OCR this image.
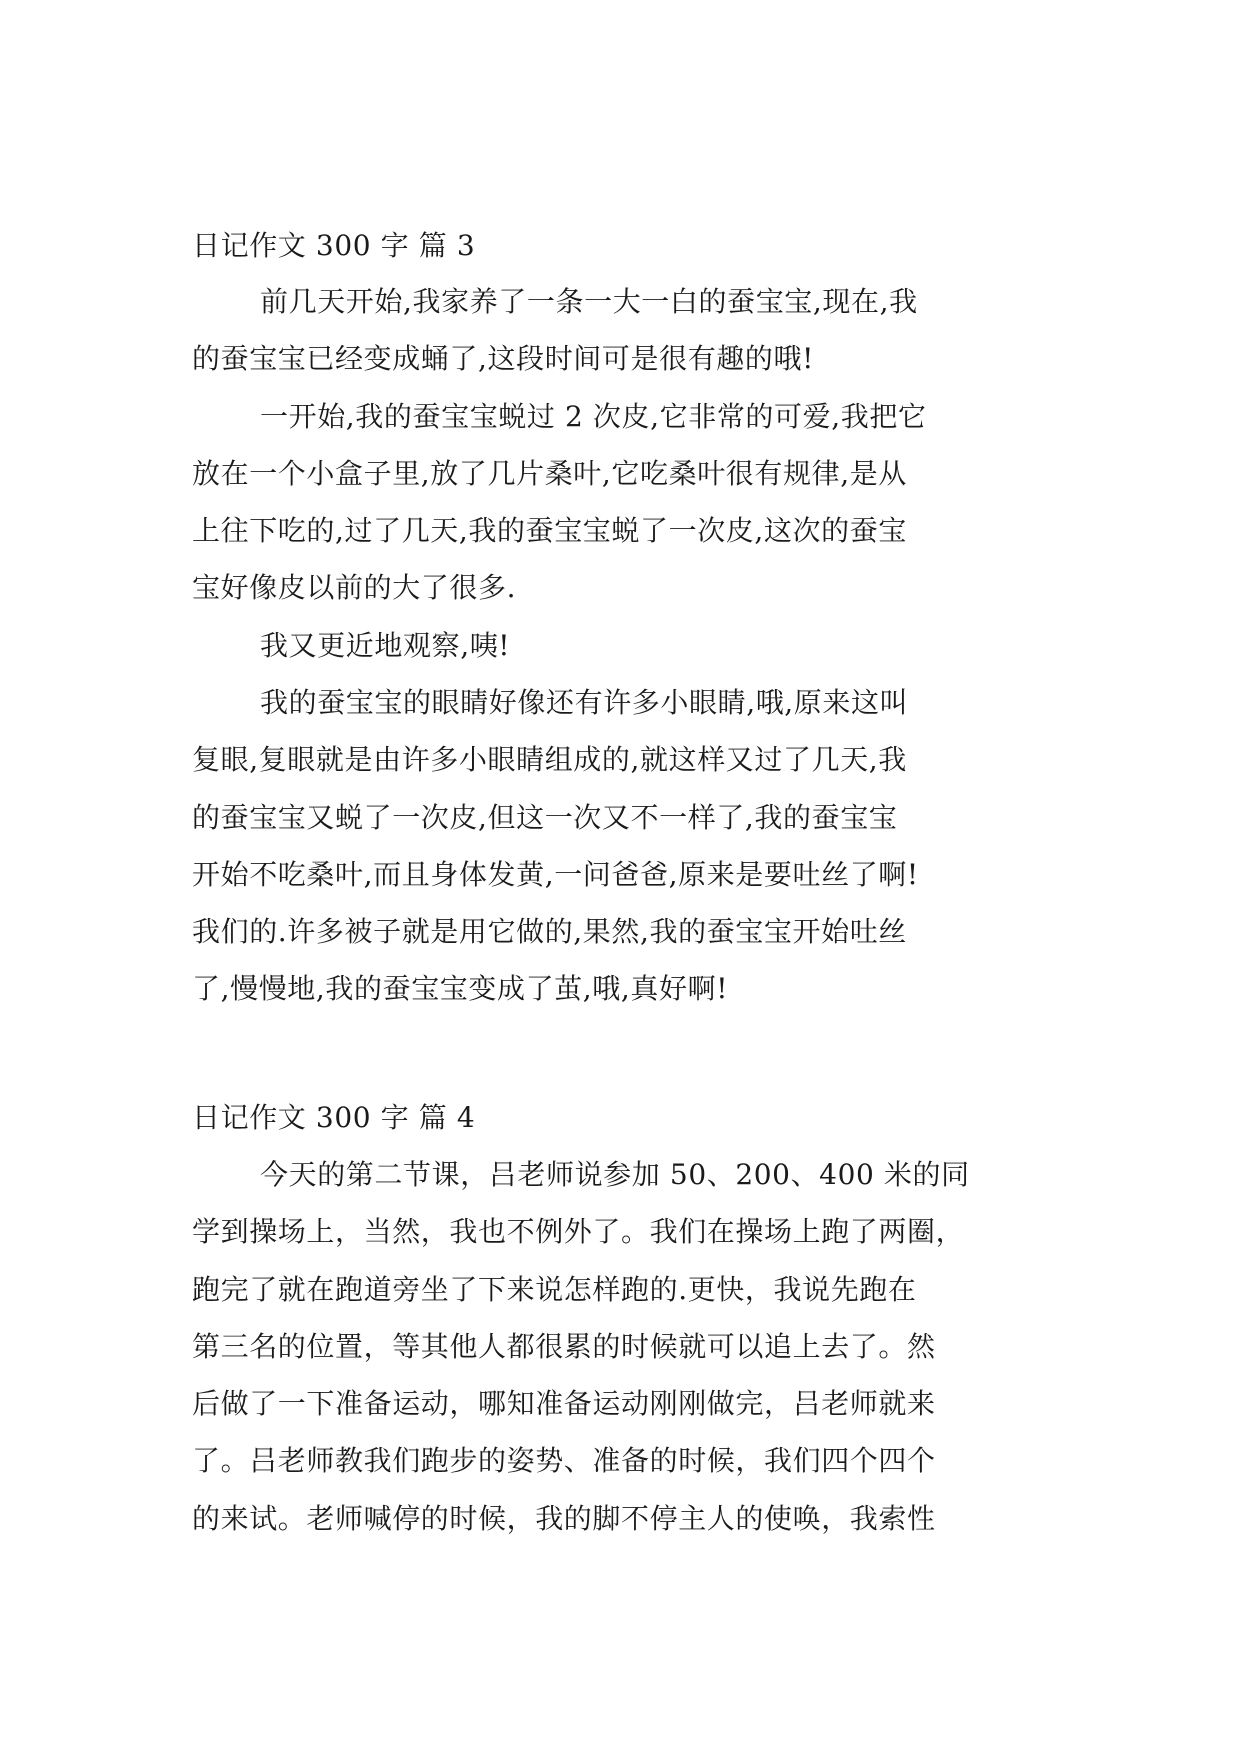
日记作文 300 字 篇 3
前几天开始,我家养了一条一大一白的蚕宝宝,现在,我
的蚕宝宝已经变成蛹了,这段时间可是很有趣的哦!
一开始,我的蚕宝宝蜕过 2 次皮,它非常的可爱,我把它
放在一个小盒子里,放了几片桑叶,它吃桑叶很有规律,是从
上往下吃的,过了几天,我的蚕宝宝蜕了一次皮,这次的蚕宝
宝好像皮以前的大了很多.
我又更近地观察,咦!
我的蚕宝宝的眼睛好像还有许多小眼睛,哦,原来这叫
复眼,复眼就是由许多小眼睛组成的,就这样又过了几天,我
的蚕宝宝又蜕了一次皮,但这一次又不一样了,我的蚕宝宝
开始不吃桑叶,而且身体发黄,一问爸爸,原来是要吐丝了啊!
我们的.许多被子就是用它做的,果然,我的蚕宝宝开始吐丝
了,慢慢地,我的蚕宝宝变成了茧,哦,真好啊!
日记作文 300 字 篇 4
今天的第二节课，吕老师说参加 50、200、400 米的同
学到操场上，当然，我也不例外了。我们在操场上跑了两圈，
跑完了就在跑道旁坐了下来说怎样跑的.更快，我说先跑在
第三名的位置，等其他人都很累的时候就可以追上去了。然
后做了一下准备运动，哪知准备运动刚刚做完，吕老师就来
了。吕老师教我们跑步的姿势、准备的时候，我们四个四个
的来试。老师喊停的时候，我的脚不停主人的使唤，我索性
